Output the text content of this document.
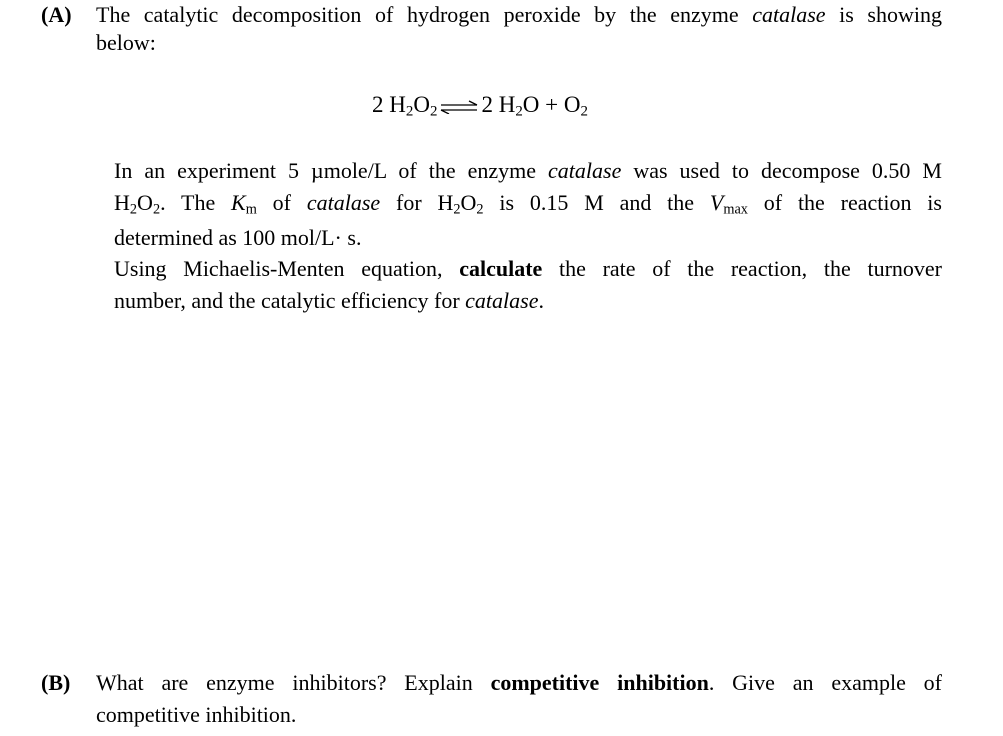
(A) The catalytic decomposition of hydrogen peroxide by the enzyme catalase is showing
below:
2 $H_2O_2$ ⇌ 2 $H_2O + O_2$
In an experiment 5 µmole/L of the enzyme catalase was used to decompose 0.50 M
$H_2O_2$. The $K_m$ of catalase for $H_2O_2$ is 0.15 M and the $V_{max}$ of the reaction is
determined as 100 mol/L· s.
Using Michaelis-Menten equation, calculate the rate of the reaction, the turnover
number, and the catalytic efficiency for catalase.
(B) What are enzyme inhibitors? Explain competitive inhibition. Give an example of
competitive inhibition.
